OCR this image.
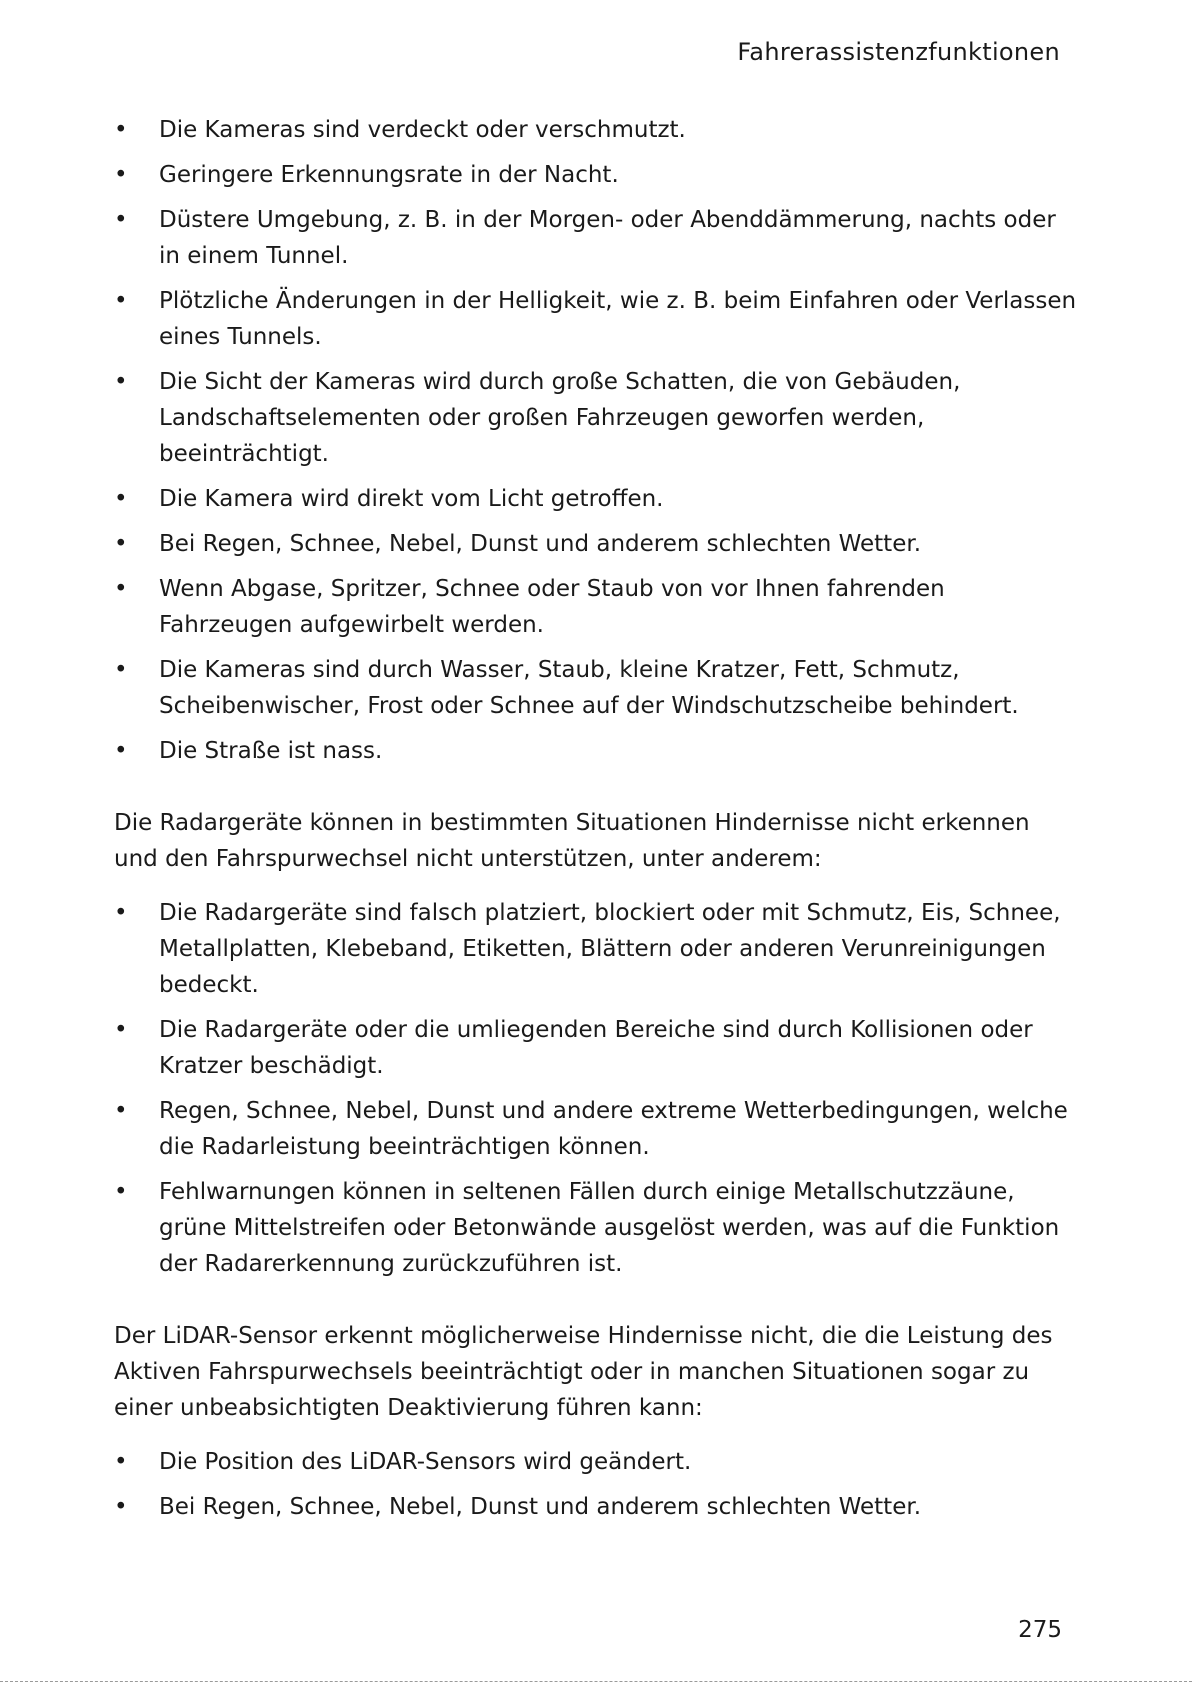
Fahrerassistenzfunktionen
• Die Kameras sind verdeckt oder verschmutzt.
• Geringere Erkennungsrate in der Nacht.
• Düstere Umgebung, z. B. in der Morgen- oder Abenddämmerung, nachts oder in einem Tunnel.
• Plötzliche Änderungen in der Helligkeit, wie z. B. beim Einfahren oder Verlassen eines Tunnels.
• Die Sicht der Kameras wird durch große Schatten, die von Gebäuden, Landschaftselementen oder großen Fahrzeugen geworfen werden, beeinträchtigt.
• Die Kamera wird direkt vom Licht getroffen.
• Bei Regen, Schnee, Nebel, Dunst und anderem schlechten Wetter.
• Wenn Abgase, Spritzer, Schnee oder Staub von vor Ihnen fahrenden Fahrzeugen aufgewirbelt werden.
• Die Kameras sind durch Wasser, Staub, kleine Kratzer, Fett, Schmutz, Scheibenwischer, Frost oder Schnee auf der Windschutzscheibe behindert.
• Die Straße ist nass.

Die Radargeräte können in bestimmten Situationen Hindernisse nicht erkennen und den Fahrspurwechsel nicht unterstützen, unter anderem:

• Die Radargeräte sind falsch platziert, blockiert oder mit Schmutz, Eis, Schnee, Metallplatten, Klebeband, Etiketten, Blättern oder anderen Verunreinigungen bedeckt.
• Die Radargeräte oder die umliegenden Bereiche sind durch Kollisionen oder Kratzer beschädigt.
• Regen, Schnee, Nebel, Dunst und andere extreme Wetterbedingungen, welche die Radarleistung beeinträchtigen können.
• Fehlwarnungen können in seltenen Fällen durch einige Metallschutzzäune, grüne Mittelstreifen oder Betonwände ausgelöst werden, was auf die Funktion der Radarerkennung zurückzuführen ist.

Der LiDAR-Sensor erkennt möglicherweise Hindernisse nicht, die die Leistung des Aktiven Fahrspurwechsels beeinträchtigt oder in manchen Situationen sogar zu einer unbeabsichtigten Deaktivierung führen kann:

• Die Position des LiDAR-Sensors wird geändert.
• Bei Regen, Schnee, Nebel, Dunst und anderem schlechten Wetter.
275
